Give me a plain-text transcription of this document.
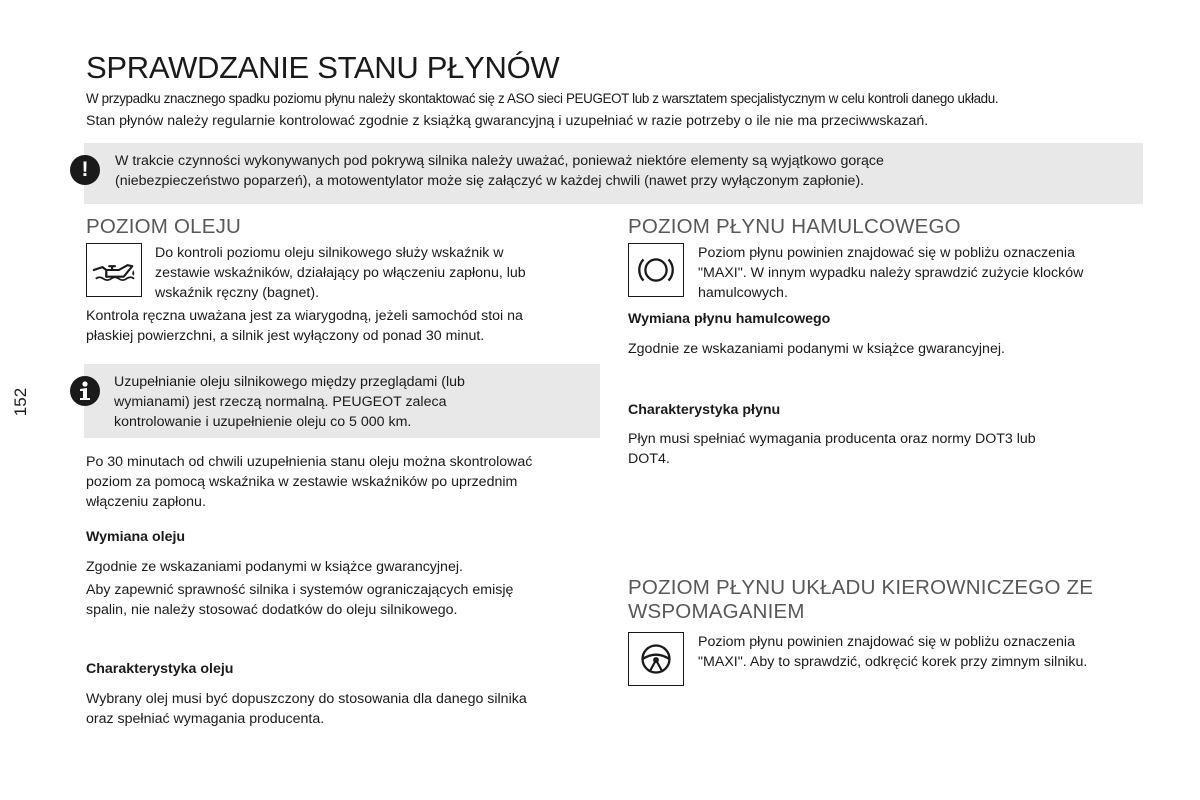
SPRAWDZANIE STANU PŁYNÓW

W przypadku znacznego spadku poziomu płynu należy skontaktować się z ASO sieci PEUGEOT lub z warsztatem specjalistycznym w celu kontroli danego układu.

Stan płynów należy regularnie kontrolować zgodnie z książką gwarancyjną i uzupełniać w razie potrzeby o ile nie ma przeciwwskazań.

W trakcie czynności wykonywanych pod pokrywą silnika należy uważać, ponieważ niektóre elementy są wyjątkowo gorące
(niebezpieczeństwo poparzeń), a motowentylator może się załączyć w każdej chwili (nawet przy wyłączonym zapłonie).

!
152
POZIOM OLEJU

Do kontroli poziomu oleju silnikowego służy wskaźnik w
zestawie wskaźników, działający po włączeniu zapłonu, lub
wskaźnik ręczny (bagnet).

Kontrola ręczna uważana jest za wiarygodną, jeżeli samochód stoi na
płaskiej powierzchni, a silnik jest wyłączony od ponad 30 minut.

Uzupełnianie oleju silnikowego między przeglądami (lub
wymianami) jest rzeczą normalną. PEUGEOT zaleca
kontrolowanie i uzupełnienie oleju co 5 000 km.

Po 30 minutach od chwili uzupełnienia stanu oleju można skontrolować
poziom za pomocą wskaźnika w zestawie wskaźników po uprzednim
włączeniu zapłonu.

Wymiana oleju

Zgodnie ze wskazaniami podanymi w książce gwarancyjnej.

Aby zapewnić sprawność silnika i systemów ograniczających emisję
spalin, nie należy stosować dodatków do oleju silnikowego.

Charakterystyka oleju

Wybrany olej musi być dopuszczony do stosowania dla danego silnika
oraz spełniać wymagania producenta.

POZIOM PŁYNU HAMULCOWEGO

Poziom płynu powinien znajdować się w pobliżu oznaczenia
"MAXI". W innym wypadku należy sprawdzić zużycie klocków
hamulcowych.

Wymiana płynu hamulcowego

Zgodnie ze wskazaniami podanymi w książce gwarancyjnej.

Charakterystyka płynu

Płyn musi spełniać wymagania producenta oraz normy DOT3 lub
DOT4.

POZIOM PŁYNU UKŁADU KIEROWNICZEGO ZE
WSPOMAGANIEM

Poziom płynu powinien znajdować się w pobliżu oznaczenia
"MAXI". Aby to sprawdzić, odkręcić korek przy zimnym silniku.
